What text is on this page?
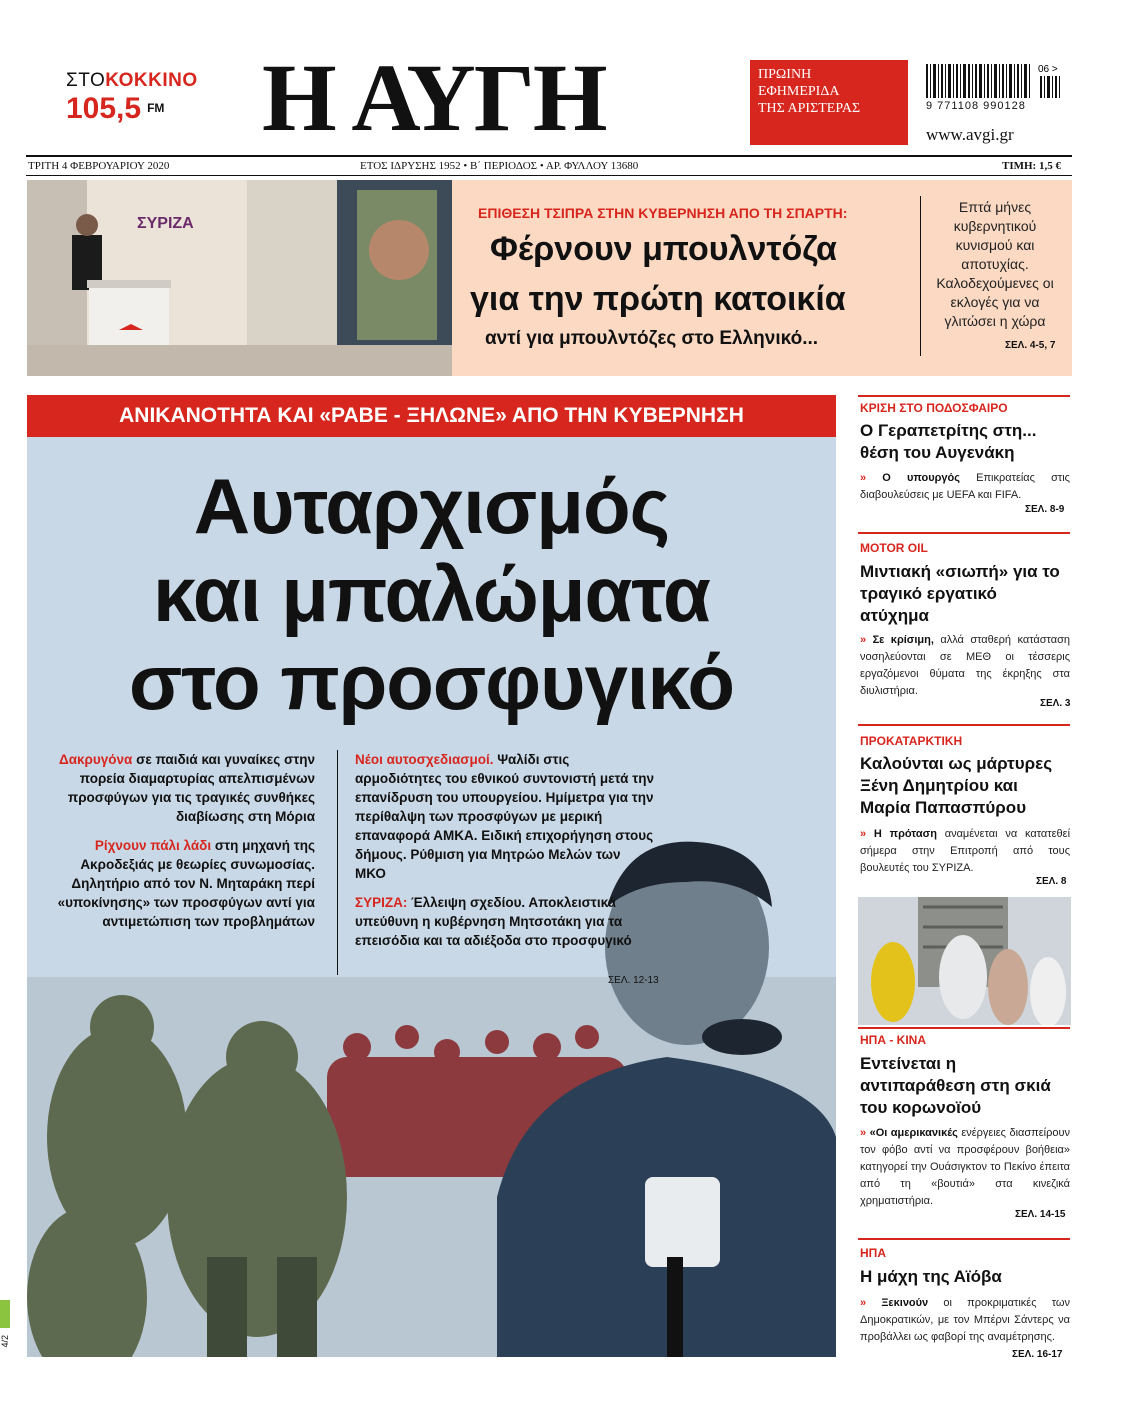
ΣΤΟΚΟΚΚΙΝΟ
105,5 $^{FM}$	Η ΑΥΓΗ	ΠΡΩΙΝΗ
ΕΦΗΜΕΡΙΔΑ
ΤΗΣ ΑΡΙΣΤΕΡΑΣ
06 >
9 771108 990128
www.avgi.gr
ΤΡΙΤΗ 4 ΦΕΒΡΟΥΑΡΙΟΥ 2020	ΕΤΟΣ ΙΔΡΥΣΗΣ 1952 • Β΄ ΠΕΡΙΟΔΟΣ • ΑΡ. ΦΥΛΛΟΥ 13680	ΤΙΜΗ: 1,5 €
ΣΥΡΙΖΑ
ΕΠΙΘΕΣΗ ΤΣΙΠΡΑ ΣΤΗΝ ΚΥΒΕΡΝΗΣΗ ΑΠΟ ΤΗ ΣΠΑΡΤΗ:
Φέρνουν μπουλντόζα
για την πρώτη κατοικία
αντί για μπουλντόζες στο Ελληνικό...
Επτά μήνες κυβερνητικού κυνισμού και αποτυχίας. Καλοδεχούμενες οι εκλογές για να γλιτώσει η χώρα
ΣΕΛ. 4-5, 7
ΑΝΙΚΑΝΟΤΗΤΑ ΚΑΙ «ΡΑΒΕ - ΞΗΛΩΝΕ» ΑΠΟ ΤΗΝ ΚΥΒΕΡΝΗΣΗ
Αυταρχισμός
και μπαλώματα
στο προσφυγικό

Δακρυγόνα σε παιδιά και γυναίκες στην πορεία διαμαρτυρίας απελπισμένων προσφύγων για τις τραγικές συνθήκες διαβίωσης στη Μόρια

Ρίχνουν πάλι λάδι στη μηχανή της Ακροδεξιάς με θεωρίες συνωμοσίας. Δηλητήριο από τον Ν. Μηταράκη περί «υποκίνησης» των προσφύγων αντί για αντιμετώπιση των προβλημάτων

Νέοι αυτοσχεδιασμοί. Ψαλίδι στις αρμοδιότητες του εθνικού συντονιστή μετά την επανίδρυση του υπουργείου. Ημίμετρα για την περίθαλψη των προσφύγων με μερική επαναφορά ΑΜΚΑ. Ειδική επιχορήγηση στους δήμους. Ρύθμιση για Μητρώο Μελών των ΜΚΟ

ΣΥΡΙΖΑ: Έλλειψη σχεδίου. Αποκλειστικά υπεύθυνη η κυβέρνηση Μητσοτάκη για τα επεισόδια και τα αδιέξοδα στο προσφυγικό

ΣΕΛ. 12-13
ΚΡΙΣΗ ΣΤΟ ΠΟΔΟΣΦΑΙΡΟ
Ο Γεραπετρίτης στη... θέση του Αυγενάκη
» Ο υπουργός Επικρατείας στις διαβουλεύσεις με UEFA και FIFA.
ΣΕΛ. 8-9
MOTOR OIL
Μιντιακή «σιωπή» για το τραγικό εργατικό ατύχημα
» Σε κρίσιμη, αλλά σταθερή κατάσταση νοσηλεύονται σε ΜΕΘ οι τέσσερις εργαζόμενοι θύματα της έκρηξης στα διυλιστήρια.
ΣΕΛ. 3
ΠΡΟΚΑΤΑΡΚΤΙΚΗ
Καλούνται ως μάρτυρες Ξένη Δημητρίου και Μαρία Παπασπύρου
» Η πρόταση αναμένεται να κατατεθεί σήμερα στην Επιτροπή από τους βουλευτές του ΣΥΡΙΖΑ.
ΣΕΛ. 8
ΗΠΑ - ΚΙΝΑ
Εντείνεται η αντιπαράθεση στη σκιά του κορωνοϊού
» «Οι αμερικανικές ενέργειες διασπείρουν τον φόβο αντί να προσφέρουν βοήθεια» κατηγορεί την Ουάσιγκτον το Πεκίνο έπειτα από τη «βουτιά» στα κινεζικά χρηματιστήρια.
ΣΕΛ. 14-15
ΗΠΑ
Η μάχη της Αϊόβα
» Ξεκινούν οι προκριματικές των Δημοκρατικών, με τον Μπέρνι Σάντερς να προβάλλει ως φαβορί της αναμέτρησης.
ΣΕΛ. 16-17
4/2
